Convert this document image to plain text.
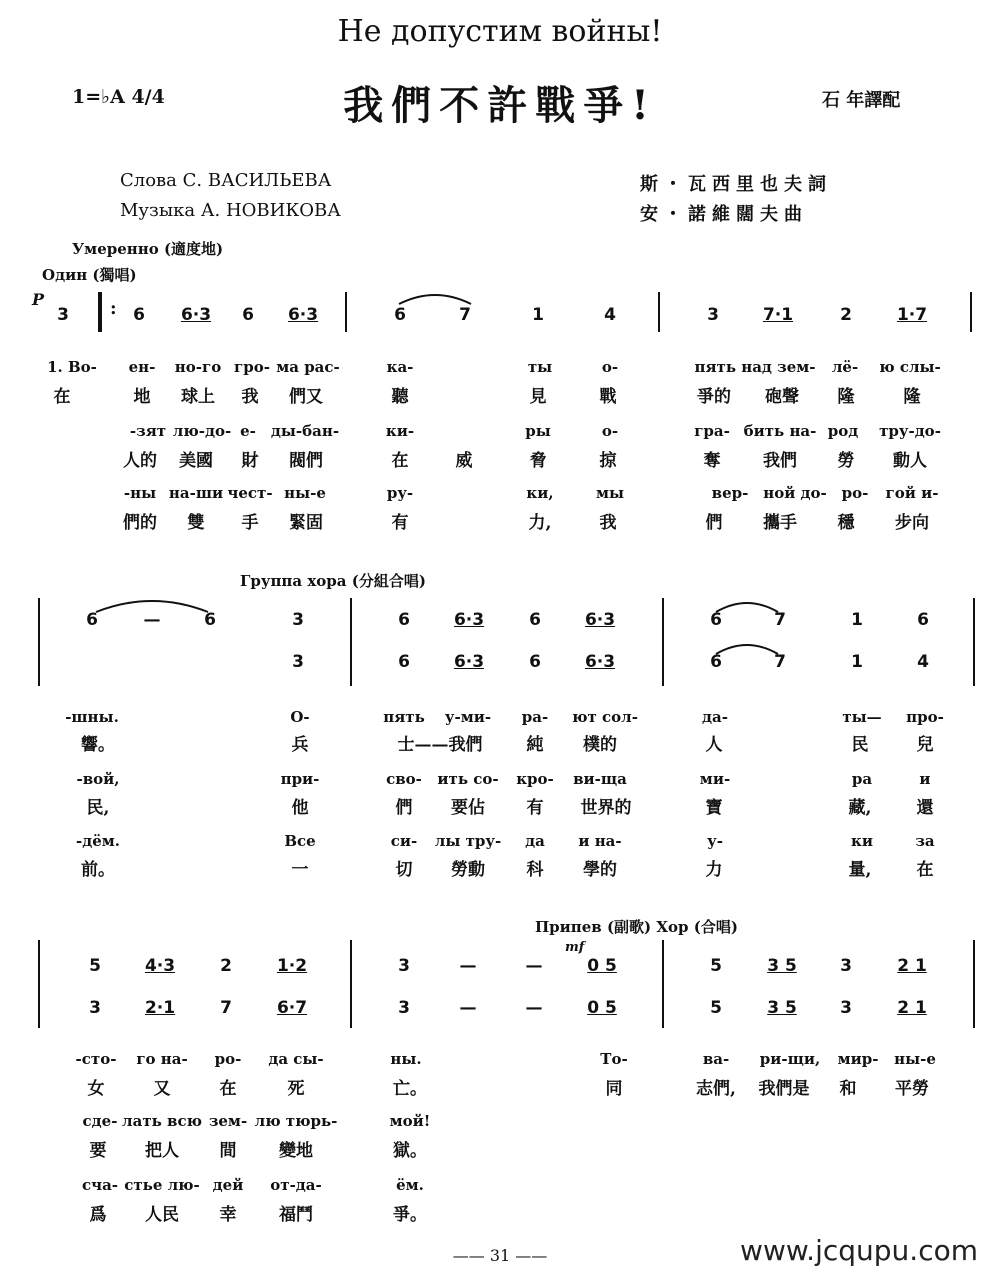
Не допустим войны!
我們不許戰爭!
1=♭A 4/4	石 年譯配
Слова С. ВАСИЛЬЕВА
Музыка А. НОВИКОВА
斯・瓦西里也夫詞
安・諾維闊夫曲
Умеренно (適度地)
Один (獨唱)
P	:
3	6 6·3 6 6·3	6	7	1	4	3	7·1	2	1·7
1. Во- ен- но-го гро- ма рас-	ка-	ты	о-	пять над зем- лё- ю слы-
在	地 球上 我 們又	聽	見	戰	爭的 砲聲 隆	隆
-зят лю-до- е- ды-бан-	ки-	ры	о-	гра- бить на- род тру-до-
人的 美國 財 閥們	在	威	脅	掠	奪	我們 勞 動人
-ны на-ши чест- ны-е	ру-	ки,	мы	вер- ной до- ро- гой и-
們的 雙 手 緊固	有	力,	我	們 攜手 穩 步向
Группа хора (分組合唱)
6	—	6	3	6	6·3	6	6·3	6	7	1	6
3	6	6·3	6	6·3	6	7	1	4
-шны.	О-	пять у-ми- ра- ют сол-	да-	ты— про-
響。	兵	士——我們	純 樸的	人	民	兒
-вой,	при-	сво- ить со- кро- ви-ща	ми-	ра	и
民,	他	們 要佔 有 世界的	寶	藏,	還
-дём.	Все	си- лы тру- да и на-	у-	ки	за
前。	一	切 勞動 科 學的	力	量,	在
Припев (副歌) Хор (合唱)
mf
5	4·3	2	1·2	3	—	—	0 5	5	3 5	3	2 1
3	2·1	7	6·7	3	—	—	0 5	5	3 5	3	2 1
-сто- го на- ро- да сы-	ны.	То-	ва- ри-щи, мир- ны-е
女	又	在	死	亡。	同	志們, 我們是 和 平勞
сде- лать всю зем- лю тюрь-	мой!
要 把人 間	變地	獄。
сча- стье лю- дей от-да-	ём.
爲 人民 幸	福鬥	爭。
—— 31 ——	www.jcqupu.com
